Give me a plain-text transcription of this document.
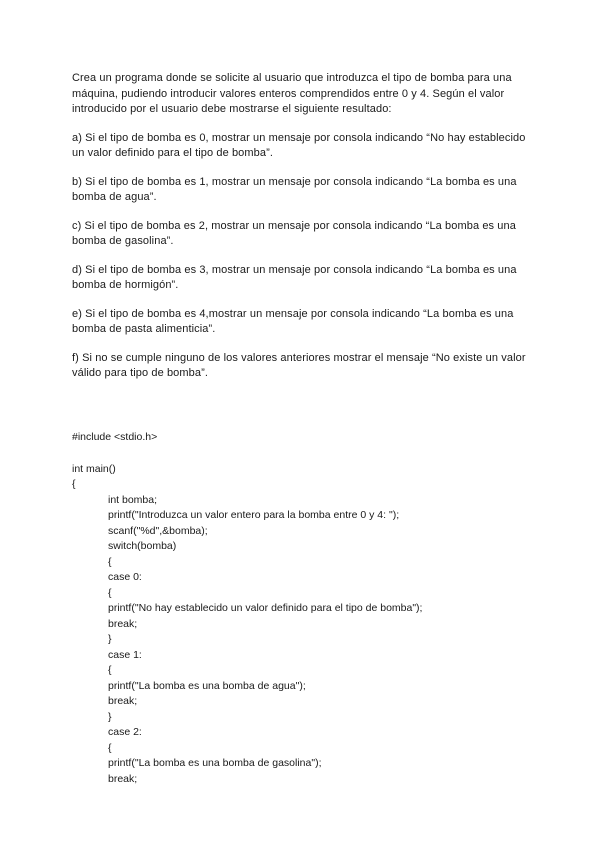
Crea un programa donde se solicite al usuario que introduzca el tipo de bomba para una máquina, pudiendo introducir valores enteros comprendidos entre 0 y 4. Según el valor introducido por el usuario debe mostrarse el siguiente resultado:

a) Si el tipo de bomba es 0, mostrar un mensaje por consola indicando “No hay establecido un valor definido para el tipo de bomba”.

b) Si el tipo de bomba es 1, mostrar un mensaje por consola indicando “La bomba es una bomba de agua”.

c) Si el tipo de bomba es 2, mostrar un mensaje por consola indicando “La bomba es una bomba de gasolina”.

d) Si el tipo de bomba es 3, mostrar un mensaje por consola indicando “La bomba es una bomba de hormigón”.

e) Si el tipo de bomba es 4,mostrar un mensaje por consola indicando “La bomba es una bomba de pasta alimenticia”.

f) Si no se cumple ninguno de los valores anteriores mostrar el mensaje “No existe un valor válido para tipo de bomba”.

#include <stdio.h>
int main()
{
int bomba;
printf("Introduzca un valor entero para la bomba entre 0 y 4: ");
scanf("%d",&bomba);
switch(bomba)
{
case 0:
{
printf("No hay establecido un valor definido para el tipo de bomba");
break;
}
case 1:
{
printf("La bomba es una bomba de agua");
break;
}
case 2:
{
printf("La bomba es una bomba de gasolina");
break;
